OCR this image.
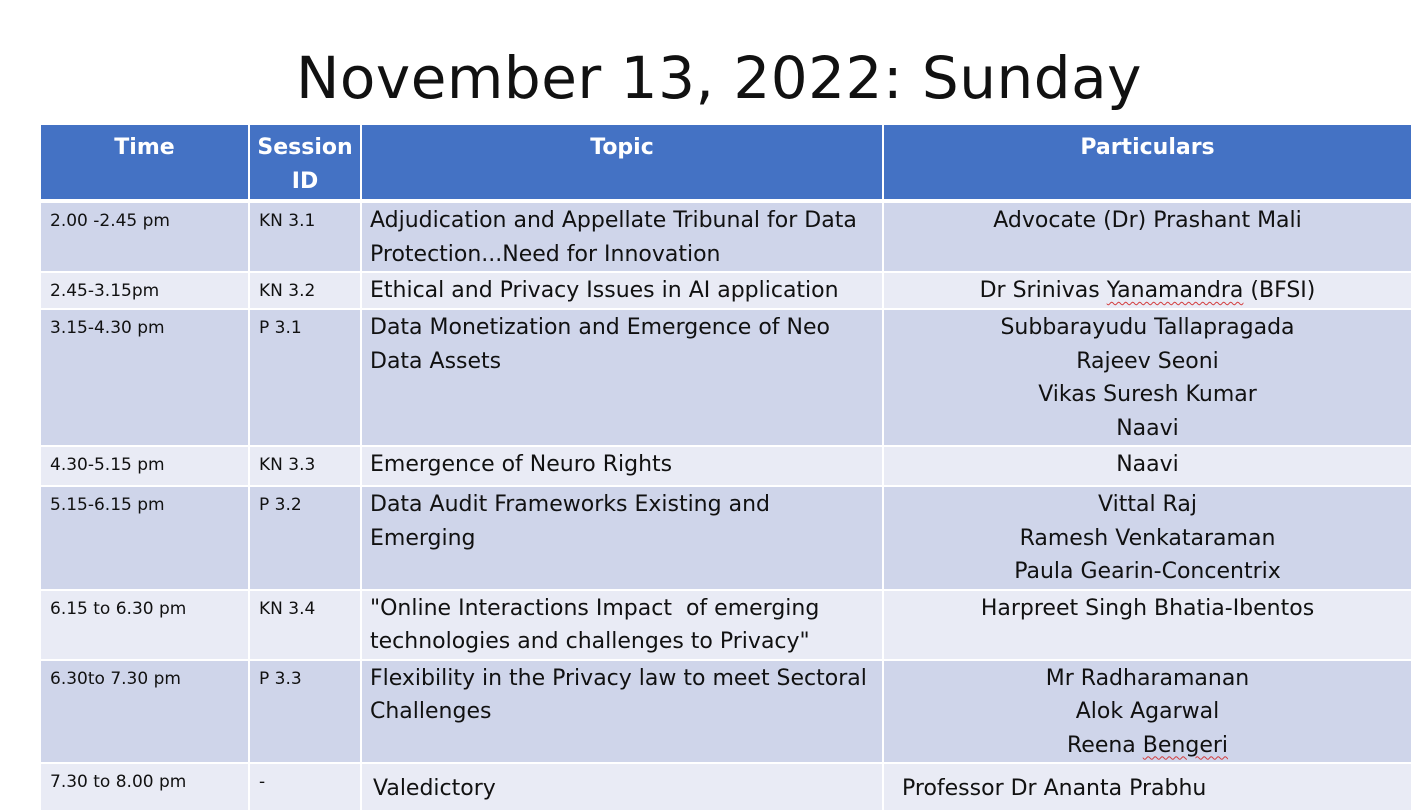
November 13, 2022: Sunday
Time	Session ID	Topic	Particulars
2.00 -2.45 pm	KN 3.1	Adjudication and Appellate Tribunal for Data Protection...Need for Innovation	Advocate (Dr) Prashant Mali

2.45-3.15pm	KN 3.2	Ethical and Privacy Issues in AI application	Dr Srinivas Yanamandra (BFSI)

3.15-4.30 pm	P 3.1	Data Monetization and Emergence of Neo Data Assets	Subbarayudu Tallapragada
Rajeev Seoni
Vikas Suresh Kumar
Naavi

4.30-5.15 pm	KN 3.3	Emergence of Neuro Rights	Naavi

5.15-6.15 pm	P 3.2	Data Audit Frameworks Existing and Emerging	Vittal Raj
Ramesh Venkataraman
Paula Gearin-Concentrix

6.15 to 6.30 pm	KN 3.4	"Online Interactions Impact  of emerging technologies and challenges to Privacy"	Harpreet Singh Bhatia-Ibentos

6.30to 7.30 pm	P 3.3	Flexibility in the Privacy law to meet Sectoral Challenges	Mr Radharamanan
Alok Agarwal
Reena Bengeri

7.30 to 8.00 pm	-	Valedictory	Professor Dr Ananta Prabhu
